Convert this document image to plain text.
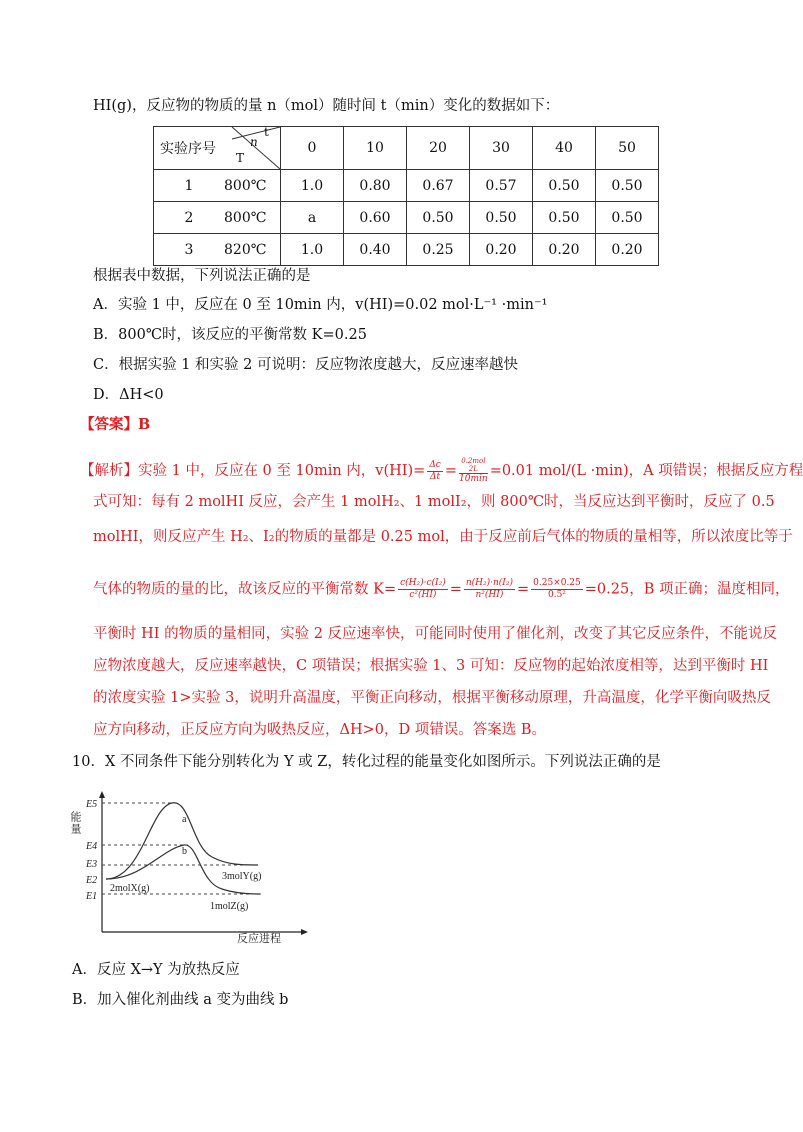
HI(g)，反应物的物质的量 n（mol）随时间 t（min）变化的数据如下：
实验序号 n
t
T	0	10	20	30	40	50

1 800℃	1.0	0.80	0.67	0.57	0.50	0.50

2 800℃	a	0.60	0.50	0.50	0.50	0.50

3 820℃	1.0	0.40	0.25	0.20	0.20	0.20
根据表中数据，下列说法正确的是
A．实验 1 中，反应在 0 至 10min 内，v(HI)=0.02 mol·L⁻¹ ·min⁻¹
B．800℃时，该反应的平衡常数 K=0.25
C．根据实验 1 和实验 2 可说明：反应物浓度越大，反应速率越快
D．ΔH<0
【答案】B
【解析】实验 1 中，反应在 0 至 10min 内，$v(HI)= \frac{\Delta c}{\Delta t}$ =
0.2mol
2L
10min =0.01 mol/(L ·min)，A 项错误；根据反应方程
式可知：每有 2 molHI 反应，会产生 1 molH₂、1 molI₂，则 800℃时，当反应达到平衡时，反应了 0.5
molHI，则反应产生 H₂、I₂的物质的量都是 0.25 mol，由于反应前后气体的物质的量相等，所以浓度比等于
气体的物质的量的比，故该反应的平衡常数 $K= \frac{\text{c(H₂)·c(I₂)}}{\text{c²(HI)}} = \frac{\text{n(H₂)·n(I₂)}}{\text{n²(HI)}} = \frac{0.25\times 0.25}{\text{0.5²}} =0.25$，B 项正确；温度相同，
平衡时 HI 的物质的量相同，实验 2 反应速率快，可能同时使用了催化剂，改变了其它反应条件，不能说反
应物浓度越大，反应速率越快，C 项错误；根据实验 1、3 可知：反应物的起始浓度相等，达到平衡时 HI
的浓度实验 1>实验 3，说明升高温度，平衡正向移动，根据平衡移动原理，升高温度，化学平衡向吸热反
应方向移动，正反应方向为吸热反应，ΔH>0，D 项错误。答案选 B。
10．X 不同条件下能分别转化为 Y 或 Z，转化过程的能量变化如图所示。下列说法正确的是
能量
E5
E4
E3
E2
E1
a
b
2molX(g)
3molY(g)
1molZ(g)
反应进程
A．反应 X→Y 为放热反应
B．加入催化剂曲线 a 变为曲线 b
